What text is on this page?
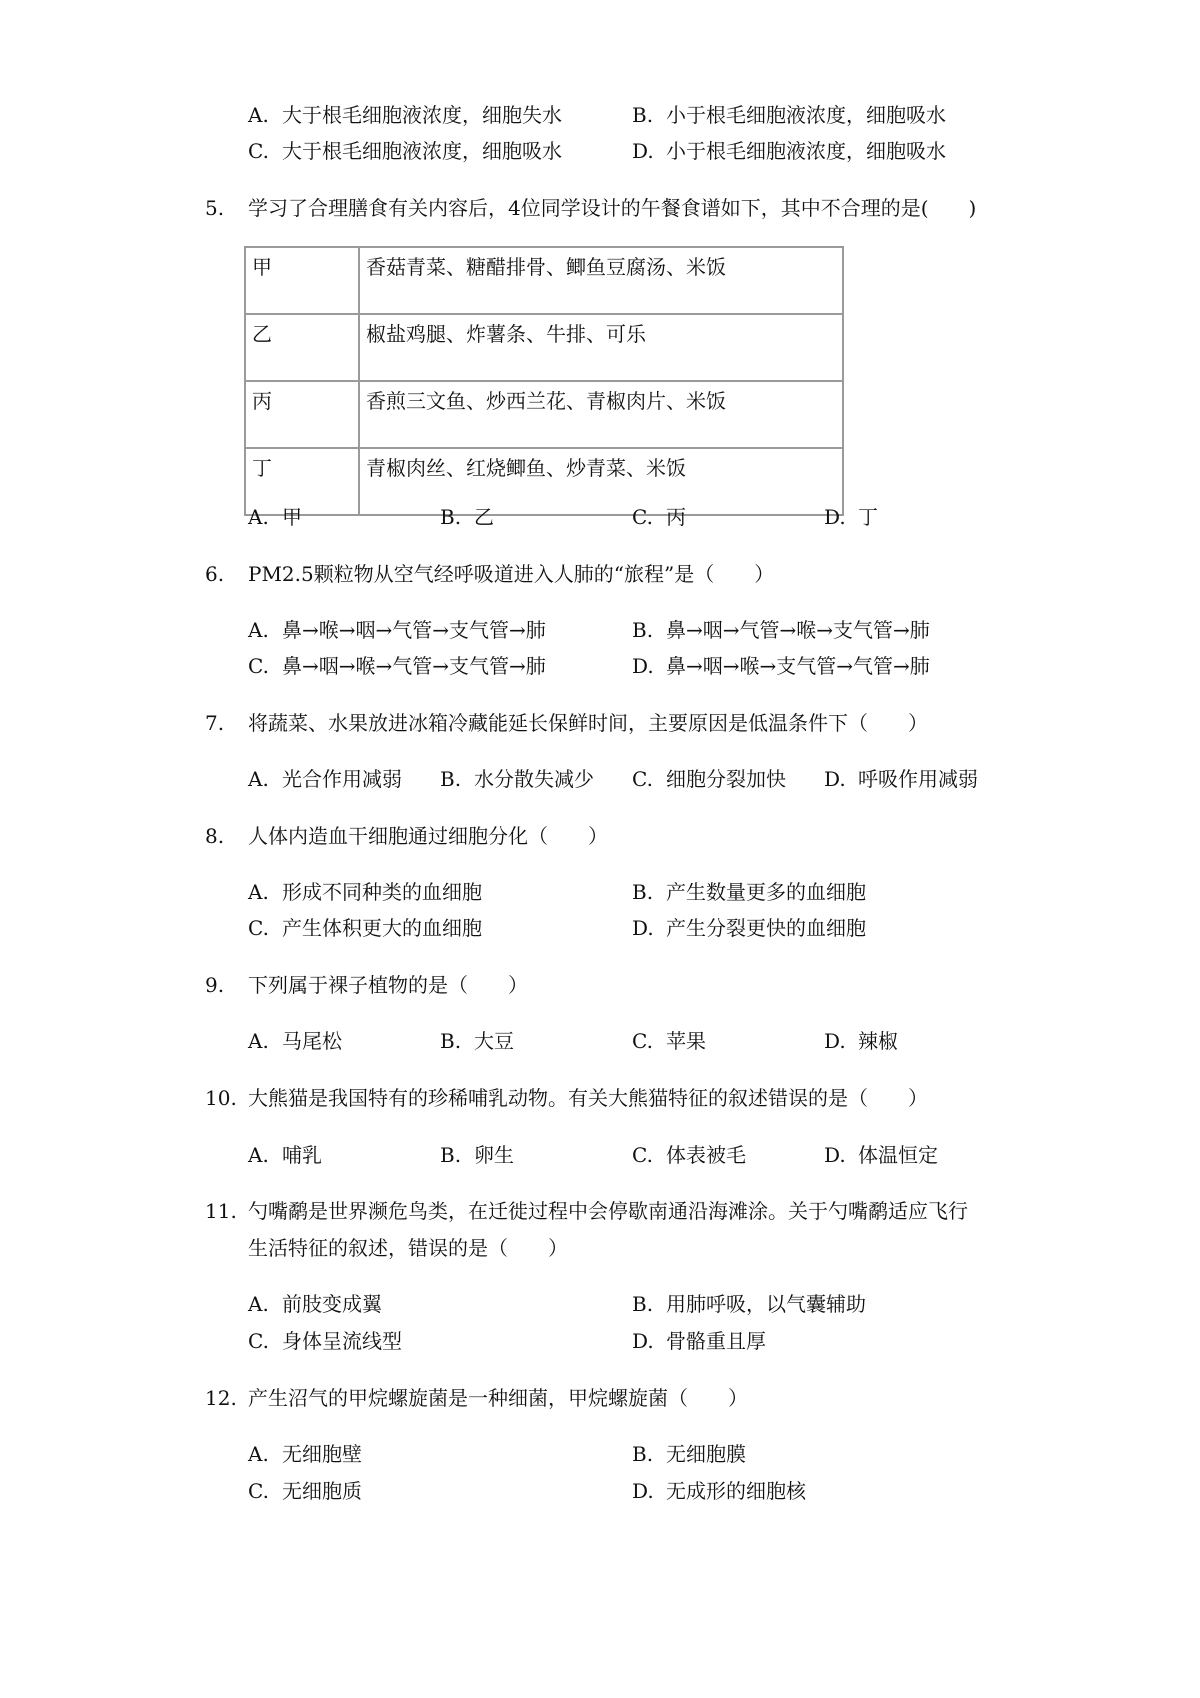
A. 大于根毛细胞液浓度，细胞失水	B. 小于根毛细胞液浓度，细胞吸水
C. 大于根毛细胞液浓度，细胞吸水	D. 小于根毛细胞液浓度，细胞吸水
5. 学习了合理膳食有关内容后，4位同学设计的午餐食谱如下，其中不合理的是(　　)
甲	香菇青菜、糖醋排骨、鲫鱼豆腐汤、米饭
乙	椒盐鸡腿、炸薯条、牛排、可乐
丙	香煎三文鱼、炒西兰花、青椒肉片、米饭
丁	青椒肉丝、红烧鲫鱼、炒青菜、米饭
A. 甲	B. 乙	C. 丙	D. 丁
6. PM2.5颗粒物从空气经呼吸道进入人肺的“旅程”是（　　）
A. 鼻→喉→咽→气管→支气管→肺	B. 鼻→咽→气管→喉→支气管→肺
C. 鼻→咽→喉→气管→支气管→肺	D. 鼻→咽→喉→支气管→气管→肺
7. 将蔬菜、水果放进冰箱冷藏能延长保鲜时间，主要原因是低温条件下（　　）
A. 光合作用减弱 B. 水分散失减少 C. 细胞分裂加快 D. 呼吸作用减弱
8. 人体内造血干细胞通过细胞分化（　　）
A. 形成不同种类的血细胞	B. 产生数量更多的血细胞
C. 产生体积更大的血细胞	D. 产生分裂更快的血细胞
9. 下列属于裸子植物的是（　　）
A. 马尾松	B. 大豆	C. 苹果	D. 辣椒
10. 大熊猫是我国特有的珍稀哺乳动物。有关大熊猫特征的叙述错误的是（　　）
A. 哺乳	B. 卵生	C. 体表被毛	D. 体温恒定
11. 勺嘴鹬是世界濒危鸟类，在迁徙过程中会停歇南通沿海滩涂。关于勺嘴鹬适应飞行
生活特征的叙述，错误的是（　　）
A. 前肢变成翼	B. 用肺呼吸，以气囊辅助
C. 身体呈流线型	D. 骨骼重且厚
12. 产生沼气的甲烷螺旋菌是一种细菌，甲烷螺旋菌（　　）
A. 无细胞壁	B. 无细胞膜
C. 无细胞质	D. 无成形的细胞核
